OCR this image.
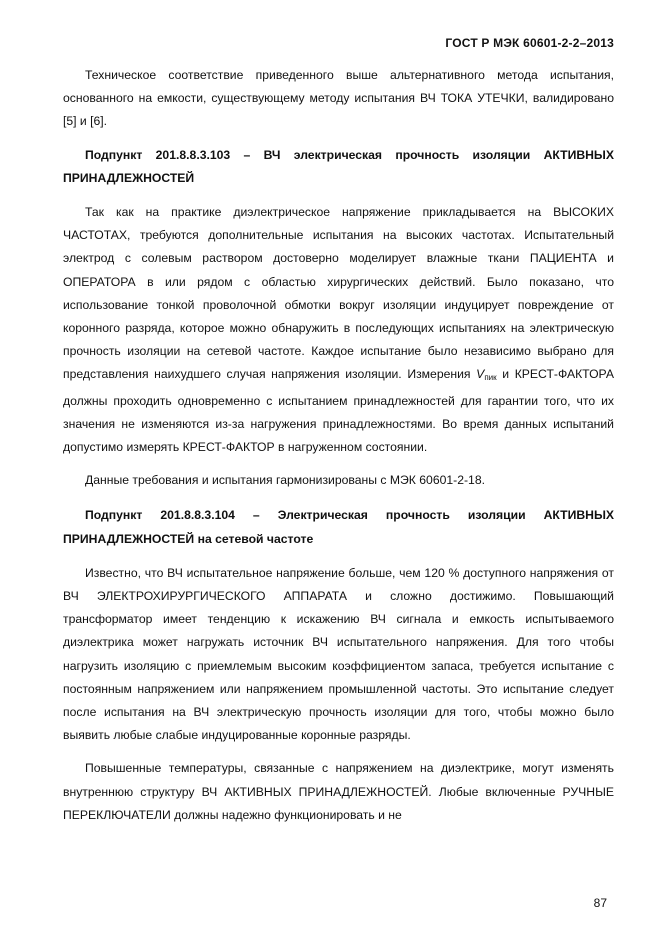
ГОСТ Р МЭК 60601-2-2–2013

Техническое соответствие приведенного выше альтернативного метода испытания, основанного на емкости, существующему методу испытания ВЧ ТОКА УТЕЧКИ, валидировано [5] и [6].

Подпункт 201.8.8.3.103 – ВЧ электрическая прочность изоляции АКТИВНЫХ ПРИНАДЛЕЖНОСТЕЙ

Так как на практике диэлектрическое напряжение прикладывается на ВЫСОКИХ ЧАСТОТАХ, требуются дополнительные испытания на высоких частотах. Испытательный электрод с солевым раствором достоверно моделирует влажные ткани ПАЦИЕНТА и ОПЕРАТОРА в или рядом с областью хирургических действий. Было показано, что использование тонкой проволочной обмотки вокруг изоляции индуцирует повреждение от коронного разряда, которое можно обнаружить в последующих испытаниях на электрическую прочность изоляции на сетевой частоте. Каждое испытание было независимо выбрано для представления наихудшего случая напряжения изоляции. Измерения $V_{пик}$ и КРЕСТ-ФАКТОРА должны проходить одновременно с испытанием принадлежностей для гарантии того, что их значения не изменяются из-за нагружения принадлежностями. Во время данных испытаний допустимо измерять КРЕСТ-ФАКТОР в нагруженном состоянии.

Данные требования и испытания гармонизированы с МЭК 60601-2-18.

Подпункт 201.8.8.3.104 – Электрическая прочность изоляции АКТИВНЫХ ПРИНАДЛЕЖНОСТЕЙ на сетевой частоте

Известно, что ВЧ испытательное напряжение больше, чем 120 % доступного напряжения от ВЧ ЭЛЕКТРОХИРУРГИЧЕСКОГО АППАРАТА и сложно достижимо. Повышающий трансформатор имеет тенденцию к искажению ВЧ сигнала и емкость испытываемого диэлектрика может нагружать источник ВЧ испытательного напряжения. Для того чтобы нагрузить изоляцию с приемлемым высоким коэффициентом запаса, требуется испытание с постоянным напряжением или напряжением промышленной частоты. Это испытание следует после испытания на ВЧ электрическую прочность изоляции для того, чтобы можно было выявить любые слабые индуцированные коронные разряды.

Повышенные температуры, связанные с напряжением на диэлектрике, могут изменять внутреннюю структуру ВЧ АКТИВНЫХ ПРИНАДЛЕЖНОСТЕЙ. Любые включенные РУЧНЫЕ ПЕРЕКЛЮЧАТЕЛИ должны надежно функционировать и не

87
